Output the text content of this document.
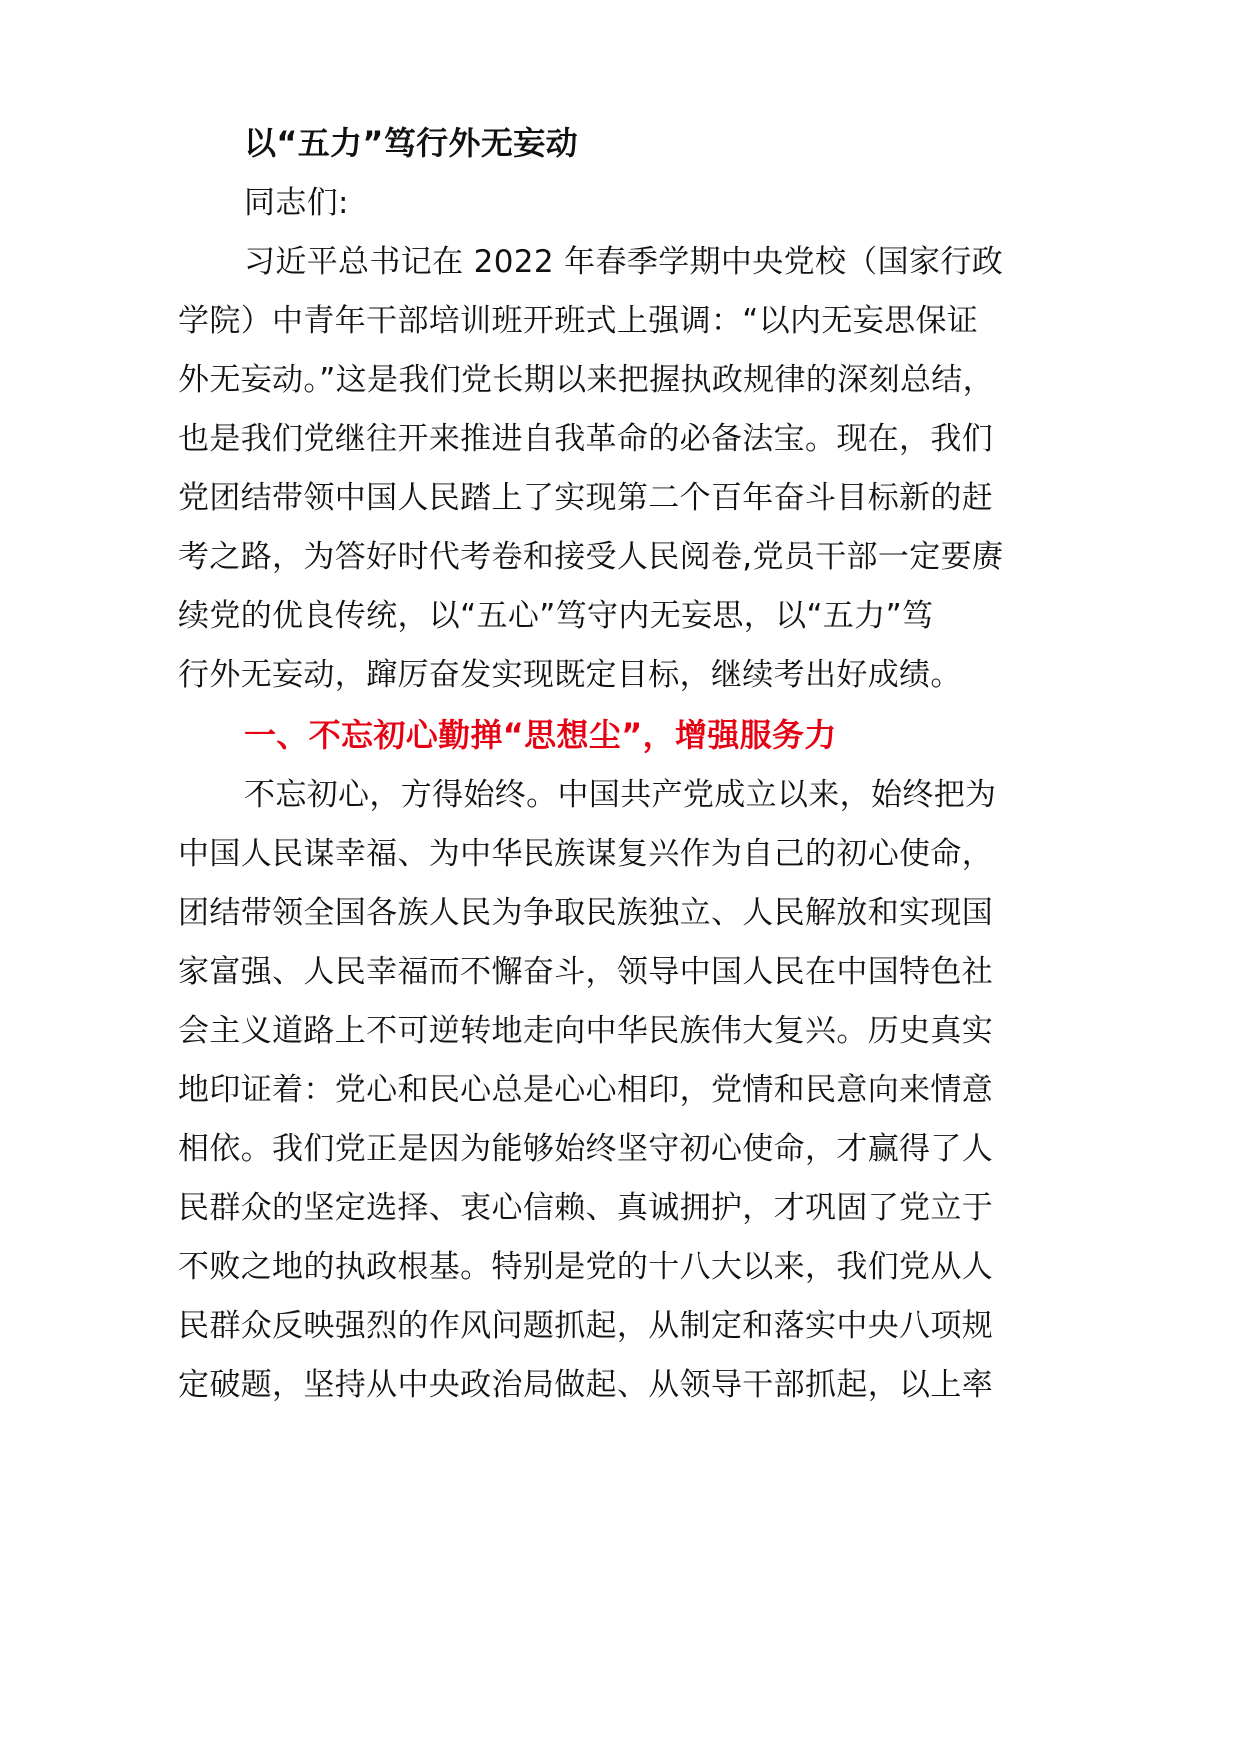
以“五力”笃行外无妄动
同志们:
习近平总书记在 2022 年春季学期中央党校（国家行政
学院）中青年干部培训班开班式上强调：“以内无妄思保证
外无妄动。”这是我们党长期以来把握执政规律的深刻总结，
也是我们党继往开来推进自我革命的必备法宝。现在，我们
党团结带领中国人民踏上了实现第二个百年奋斗目标新的赶
考之路，为答好时代考卷和接受人民阅卷,党员干部一定要赓
续党的优良传统，以“五心”笃守内无妄思，以“五力”笃
行外无妄动，蹿厉奋发实现既定目标，继续考出好成绩。
一、不忘初心勤掸“思想尘”，增强服务力
不忘初心，方得始终。中国共产党成立以来，始终把为
中国人民谋幸福、为中华民族谋复兴作为自己的初心使命，
团结带领全国各族人民为争取民族独立、人民解放和实现国
家富强、人民幸福而不懈奋斗，领导中国人民在中国特色社
会主义道路上不可逆转地走向中华民族伟大复兴。历史真实
地印证着：党心和民心总是心心相印，党情和民意向来情意
相依。我们党正是因为能够始终坚守初心使命，才赢得了人
民群众的坚定选择、衷心信赖、真诚拥护，才巩固了党立于
不败之地的执政根基。特别是党的十八大以来，我们党从人
民群众反映强烈的作风问题抓起，从制定和落实中央八项规
定破题，坚持从中央政治局做起、从领导干部抓起，以上率
